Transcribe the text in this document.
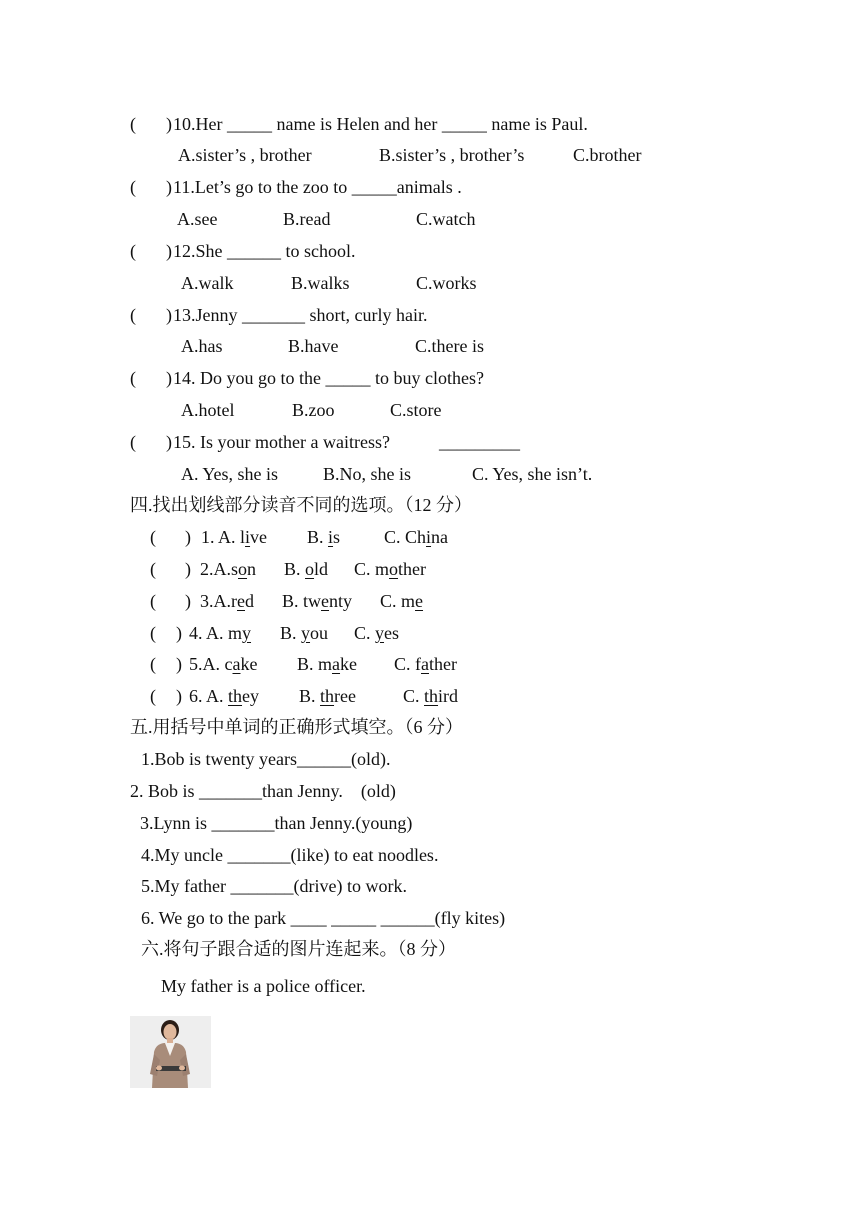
( ) 10.Her _____ name is Helen and her _____ name is Paul.
A.sister’s , brother	B.sister’s , brother’s	C.brother
( ) 11.Let’s go to the zoo to _____animals .
A.see	B.read	C.watch
( ) 12.She ______ to school.
A.walk	B.walks	C.works
( ) 13.Jenny _______ short, curly hair.
A.has	B.have	C.there is
( ) 14. Do you go to the _____ to buy clothes?
A.hotel	B.zoo	C.store
( ) 15. Is your mother a waitress?	_________
A. Yes, she is B.No, she is	C. Yes, she isn’t.
四.找出划线部分读音不同的选项。（12 分）
( ) 1. A. live B. is C. China
( ) 2.A.son B. old C. mother
( ) 3.A.red B. twenty C. me
( ) 4. A. my B. you C. yes
( ) 5.A. cake B. make C. father
( ) 6. A. they B. three	C. third
五.用括号中单词的正确形式填空。（6 分）
1.Bob is twenty years______(old).
2. Bob is _______than Jenny.    (old)
3.Lynn is _______than Jenny.(young)
4.My uncle _______(like) to eat noodles.
5.My father _______(drive) to work.
6. We go to the park ____ _____ ______(fly kites)
六.将句子跟合适的图片连起来。（8 分）
My father is a police officer.
